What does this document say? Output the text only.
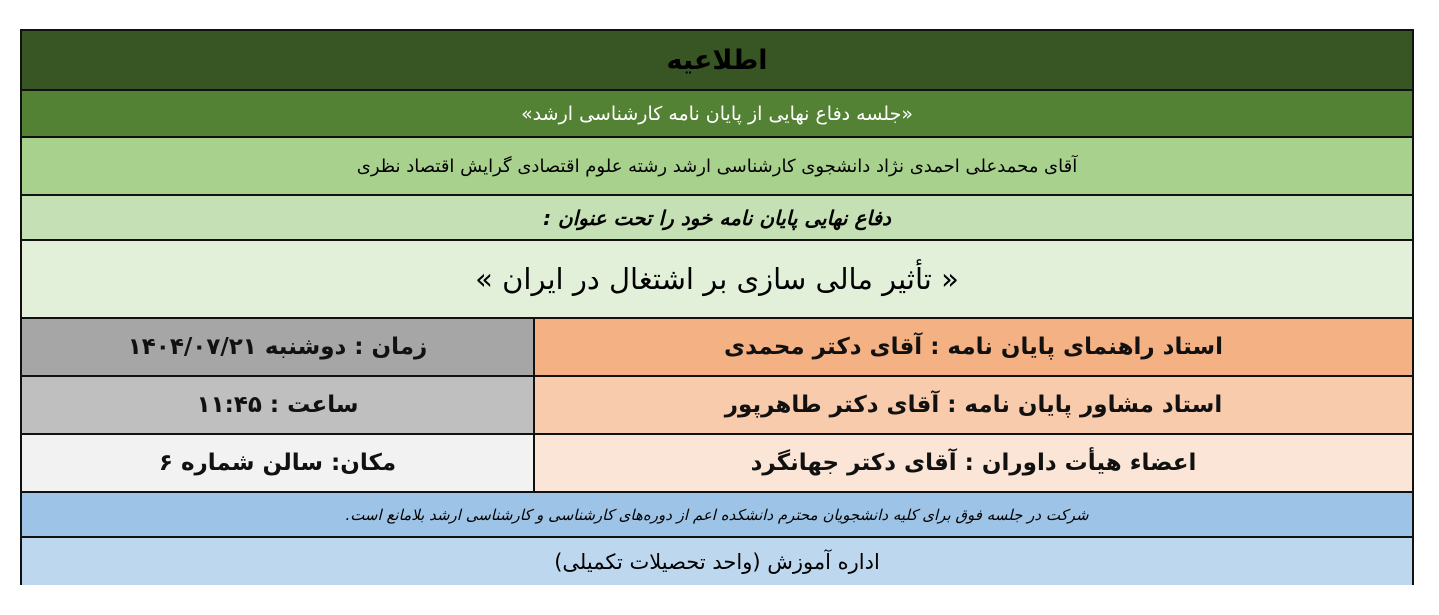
اطلاعیه
«جلسه دفاع نهایی از پایان نامه کارشناسی ارشد»
آقای محمدعلی احمدی نژاد دانشجوی کارشناسی ارشد رشته علوم اقتصادی گرایش اقتصاد نظری
دفاع نهایی پایان نامه خود را تحت عنوان :
« تأثیر مالی سازی بر اشتغال در ایران »
استاد راهنمای پایان نامه : آقای دکتر محمدی
زمان : دوشنبه ۱۴۰۴/۰۷/۲۱
استاد مشاور پایان نامه : آقای دکتر طاهرپور
ساعت : ۱۱:۴۵
اعضاء هیأت داوران : آقای دکتر جهانگرد
مکان: سالن شماره ۶
شرکت در جلسه فوق برای کلیه دانشجویان محترم دانشکده اعم از دوره‌های کارشناسی و کارشناسی ارشد بلامانع است.
اداره آموزش (واحد تحصیلات تکمیلی)
